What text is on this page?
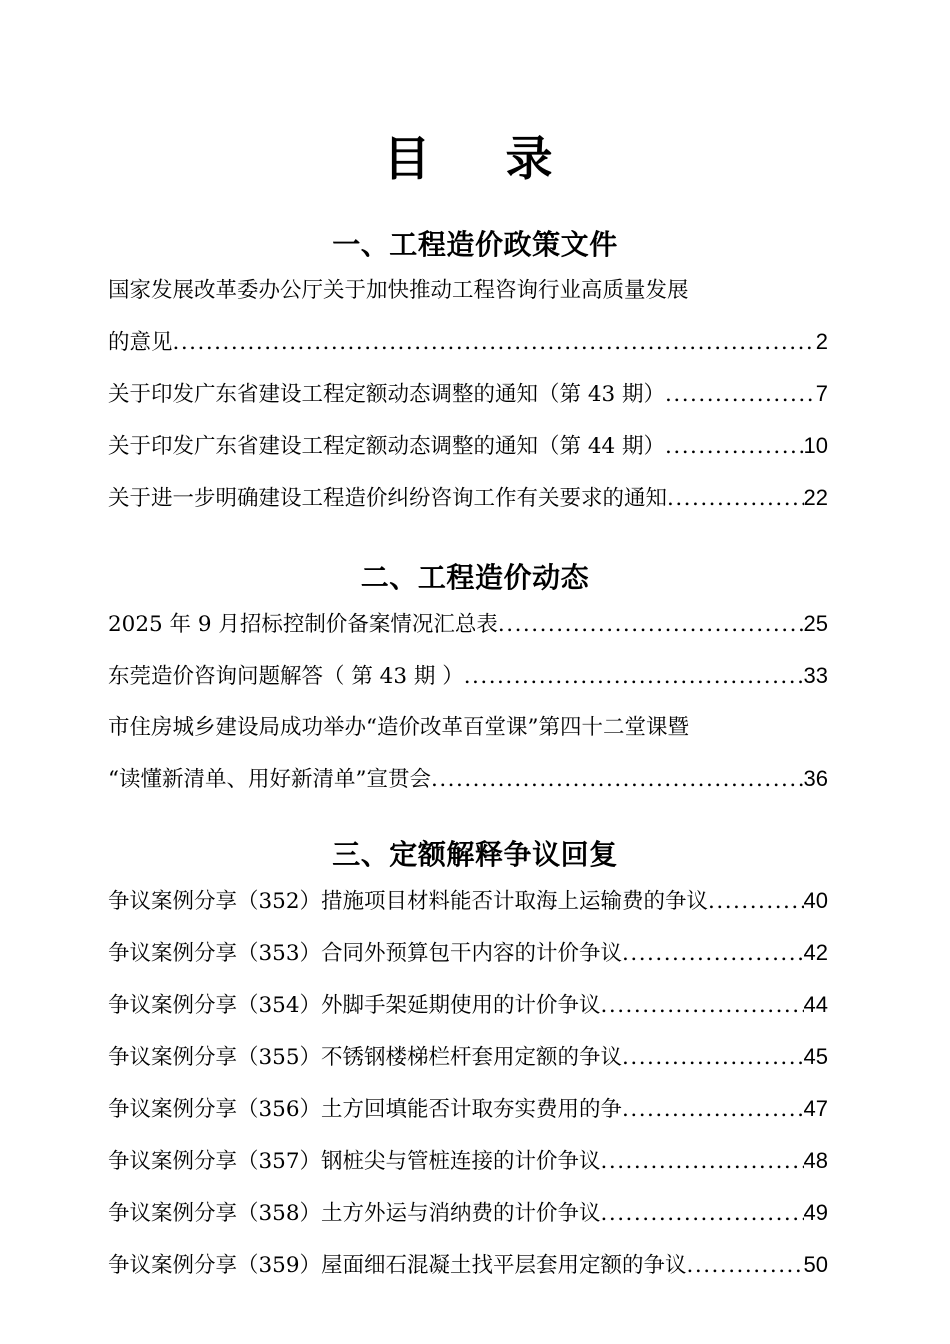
目　录
一、工程造价政策文件
国家发展改革委办公厅关于加快推动工程咨询行业高质量发展
的意见 .....	2
关于印发广东省建设工程定额动态调整的通知（第 43 期） .....	7
关于印发广东省建设工程定额动态调整的通知（第 44 期） .....	10
关于进一步明确建设工程造价纠纷咨询工作有关要求的通知 .....	22
二、工程造价动态
2025 年 9 月招标控制价备案情况汇总表 .....	25
东莞造价咨询问题解答（ 第 43 期 ） .....	33
市住房城乡建设局成功举办“造价改革百堂课”第四十二堂课暨
“读懂新清单、用好新清单”宣贯会 .....	36
三、定额解释争议回复
争议案例分享（352）措施项目材料能否计取海上运输费的争议 .....	40
争议案例分享（353）合同外预算包干内容的计价争议 .....	42
争议案例分享（354）外脚手架延期使用的计价争议 .....	44
争议案例分享（355）不锈钢楼梯栏杆套用定额的争议 .....	45
争议案例分享（356）土方回填能否计取夯实费用的争 .....	47
争议案例分享（357）钢桩尖与管桩连接的计价争议 .....	48
争议案例分享（358）土方外运与消纳费的计价争议 .....	49
争议案例分享（359）屋面细石混凝土找平层套用定额的争议 .....	50
